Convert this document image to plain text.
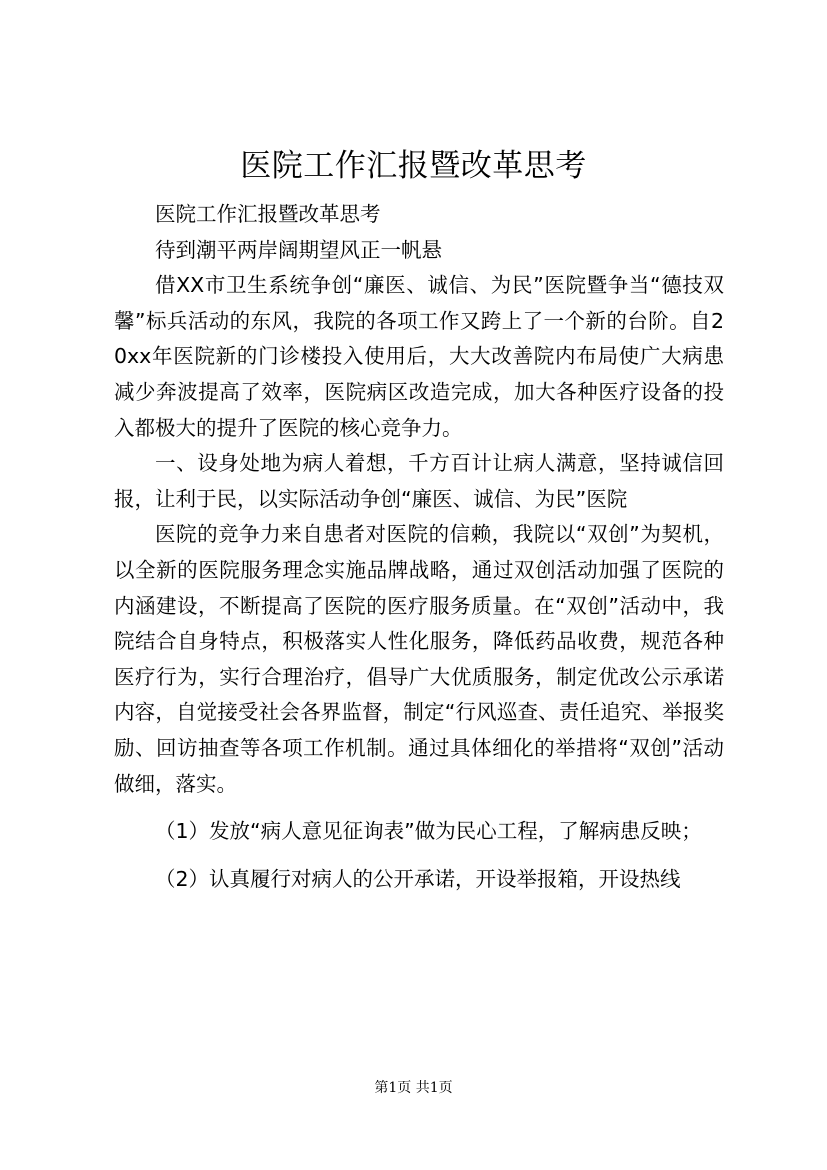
医院工作汇报暨改革思考

医院工作汇报暨改革思考

待到潮平两岸阔期望风正一帆悬

借XX市卫生系统争创“廉医、诚信、为民”医院暨争当“德技双馨”标兵活动的东风，我院的各项工作又跨上了一个新的台阶。自20xx年医院新的门诊楼投入使用后，大大改善院内布局使广大病患减少奔波提高了效率，医院病区改造完成，加大各种医疗设备的投入都极大的提升了医院的核心竞争力。

一、设身处地为病人着想，千方百计让病人满意，坚持诚信回报，让利于民，以实际活动争创“廉医、诚信、为民”医院

医院的竞争力来自患者对医院的信赖，我院以“双创”为契机，以全新的医院服务理念实施品牌战略，通过双创活动加强了医院的内涵建设，不断提高了医院的医疗服务质量。在“双创”活动中，我院结合自身特点，积极落实人性化服务，降低药品收费，规范各种医疗行为，实行合理治疗，倡导广大优质服务，制定优改公示承诺内容，自觉接受社会各界监督，制定“行风巡查、责任追究、举报奖励、回访抽查等各项工作机制。通过具体细化的举措将“双创”活动做细，落实。

（1）发放“病人意见征询表”做为民心工程，了解病患反映；

（2）认真履行对病人的公开承诺，开设举报箱，开设热线

第1页 共1页
